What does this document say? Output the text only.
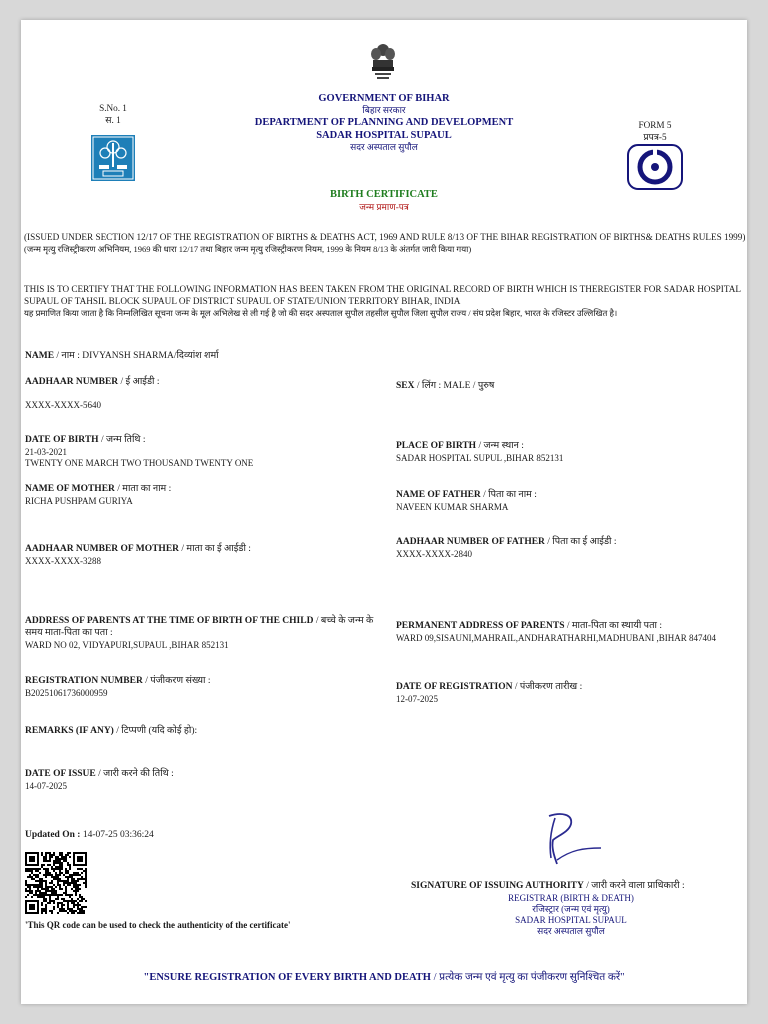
S.No. 1
स. 1
GOVERNMENT OF BIHAR
बिहार सरकार
DEPARTMENT OF PLANNING AND DEVELOPMENT
SADAR HOSPITAL SUPAUL
सदर अस्पताल सुपौल
FORM 5
प्रपत्र-5
BIRTH CERTIFICATE
जन्म प्रमाण-पत्र
(ISSUED UNDER SECTION 12/17 OF THE REGISTRATION OF BIRTHS & DEATHS ACT, 1969 AND RULE 8/13 OF THE BIHAR REGISTRATION OF BIRTHS& DEATHS RULES 1999)
(जन्म मृत्यु रजिस्ट्रीकरण अभिनियम, 1969 की धारा 12/17 तथा बिहार जन्म मृत्यु रजिस्ट्रीकरण नियम, 1999 के नियम 8/13 के अंतर्गत जारी किया गया)
THIS IS TO CERTIFY THAT THE FOLLOWING INFORMATION HAS BEEN TAKEN FROM THE ORIGINAL RECORD OF BIRTH WHICH IS THEREGISTER FOR SADAR HOSPITAL SUPAUL OF TAHSIL BLOCK SUPAUL OF DISTRICT SUPAUL OF STATE/UNION TERRITORY BIHAR, INDIA
यह प्रमाणित किया जाता है कि निम्नलिखित सूचना जन्म के मूल अभिलेख से ली गई है जो की सदर अस्पताल सुपौल तहसील सुपौल जिला सुपौल राज्य / संघ प्रदेश बिहार, भारत के रजिस्टर उल्लिखित है।
NAME / नाम : DIVYANSH SHARMA/दिव्यांश शर्मा
AADHAAR NUMBER / ई आईडी :
XXXX-XXXX-5640
SEX / लिंग : MALE / पुरुष
DATE OF BIRTH / जन्म तिथि :
21-03-2021
TWENTY ONE MARCH TWO THOUSAND TWENTY ONE
PLACE OF BIRTH / जन्म स्थान :
SADAR HOSPITAL SUPUL ,BIHAR 852131
NAME OF MOTHER / माता का नाम :
RICHA PUSHPAM GURIYA
NAME OF FATHER / पिता का नाम :
NAVEEN KUMAR SHARMA
AADHAAR NUMBER OF MOTHER / माता का ई आईडी :
XXXX-XXXX-3288
AADHAAR NUMBER OF FATHER / पिता का ई आईडी :
XXXX-XXXX-2840
ADDRESS OF PARENTS AT THE TIME OF BIRTH OF THE CHILD / बच्चे के जन्म के समय माता-पिता का पता :
WARD NO 02, VIDYAPURI,SUPAUL ,BIHAR 852131
PERMANENT ADDRESS OF PARENTS / माता-पिता का स्थायी पता :
WARD 09,SISAUNI,MAHRAIL,ANDHARATHARHI,MADHUBANI ,BIHAR 847404
REGISTRATION NUMBER / पंजीकरण संख्या :
B20251061736000959
DATE OF REGISTRATION / पंजीकरण तारीख :
12-07-2025
REMARKS (IF ANY) / टिप्पणी (यदि कोई हो):
DATE OF ISSUE / जारी करने की तिथि :
14-07-2025
Updated On : 14-07-25 03:36:24
'This QR code can be used to check the authenticity of the certificate'
SIGNATURE OF ISSUING AUTHORITY / जारी करने वाला प्राधिकारी :
REGISTRAR (BIRTH & DEATH)
रजिस्ट्रार (जन्म एवं मृत्यु)
SADAR HOSPITAL SUPAUL
सदर अस्पताल सुपौल
"ENSURE REGISTRATION OF EVERY BIRTH AND DEATH / प्रत्येक जन्म एवं मृत्यु का पंजीकरण सुनिश्चित करें"
